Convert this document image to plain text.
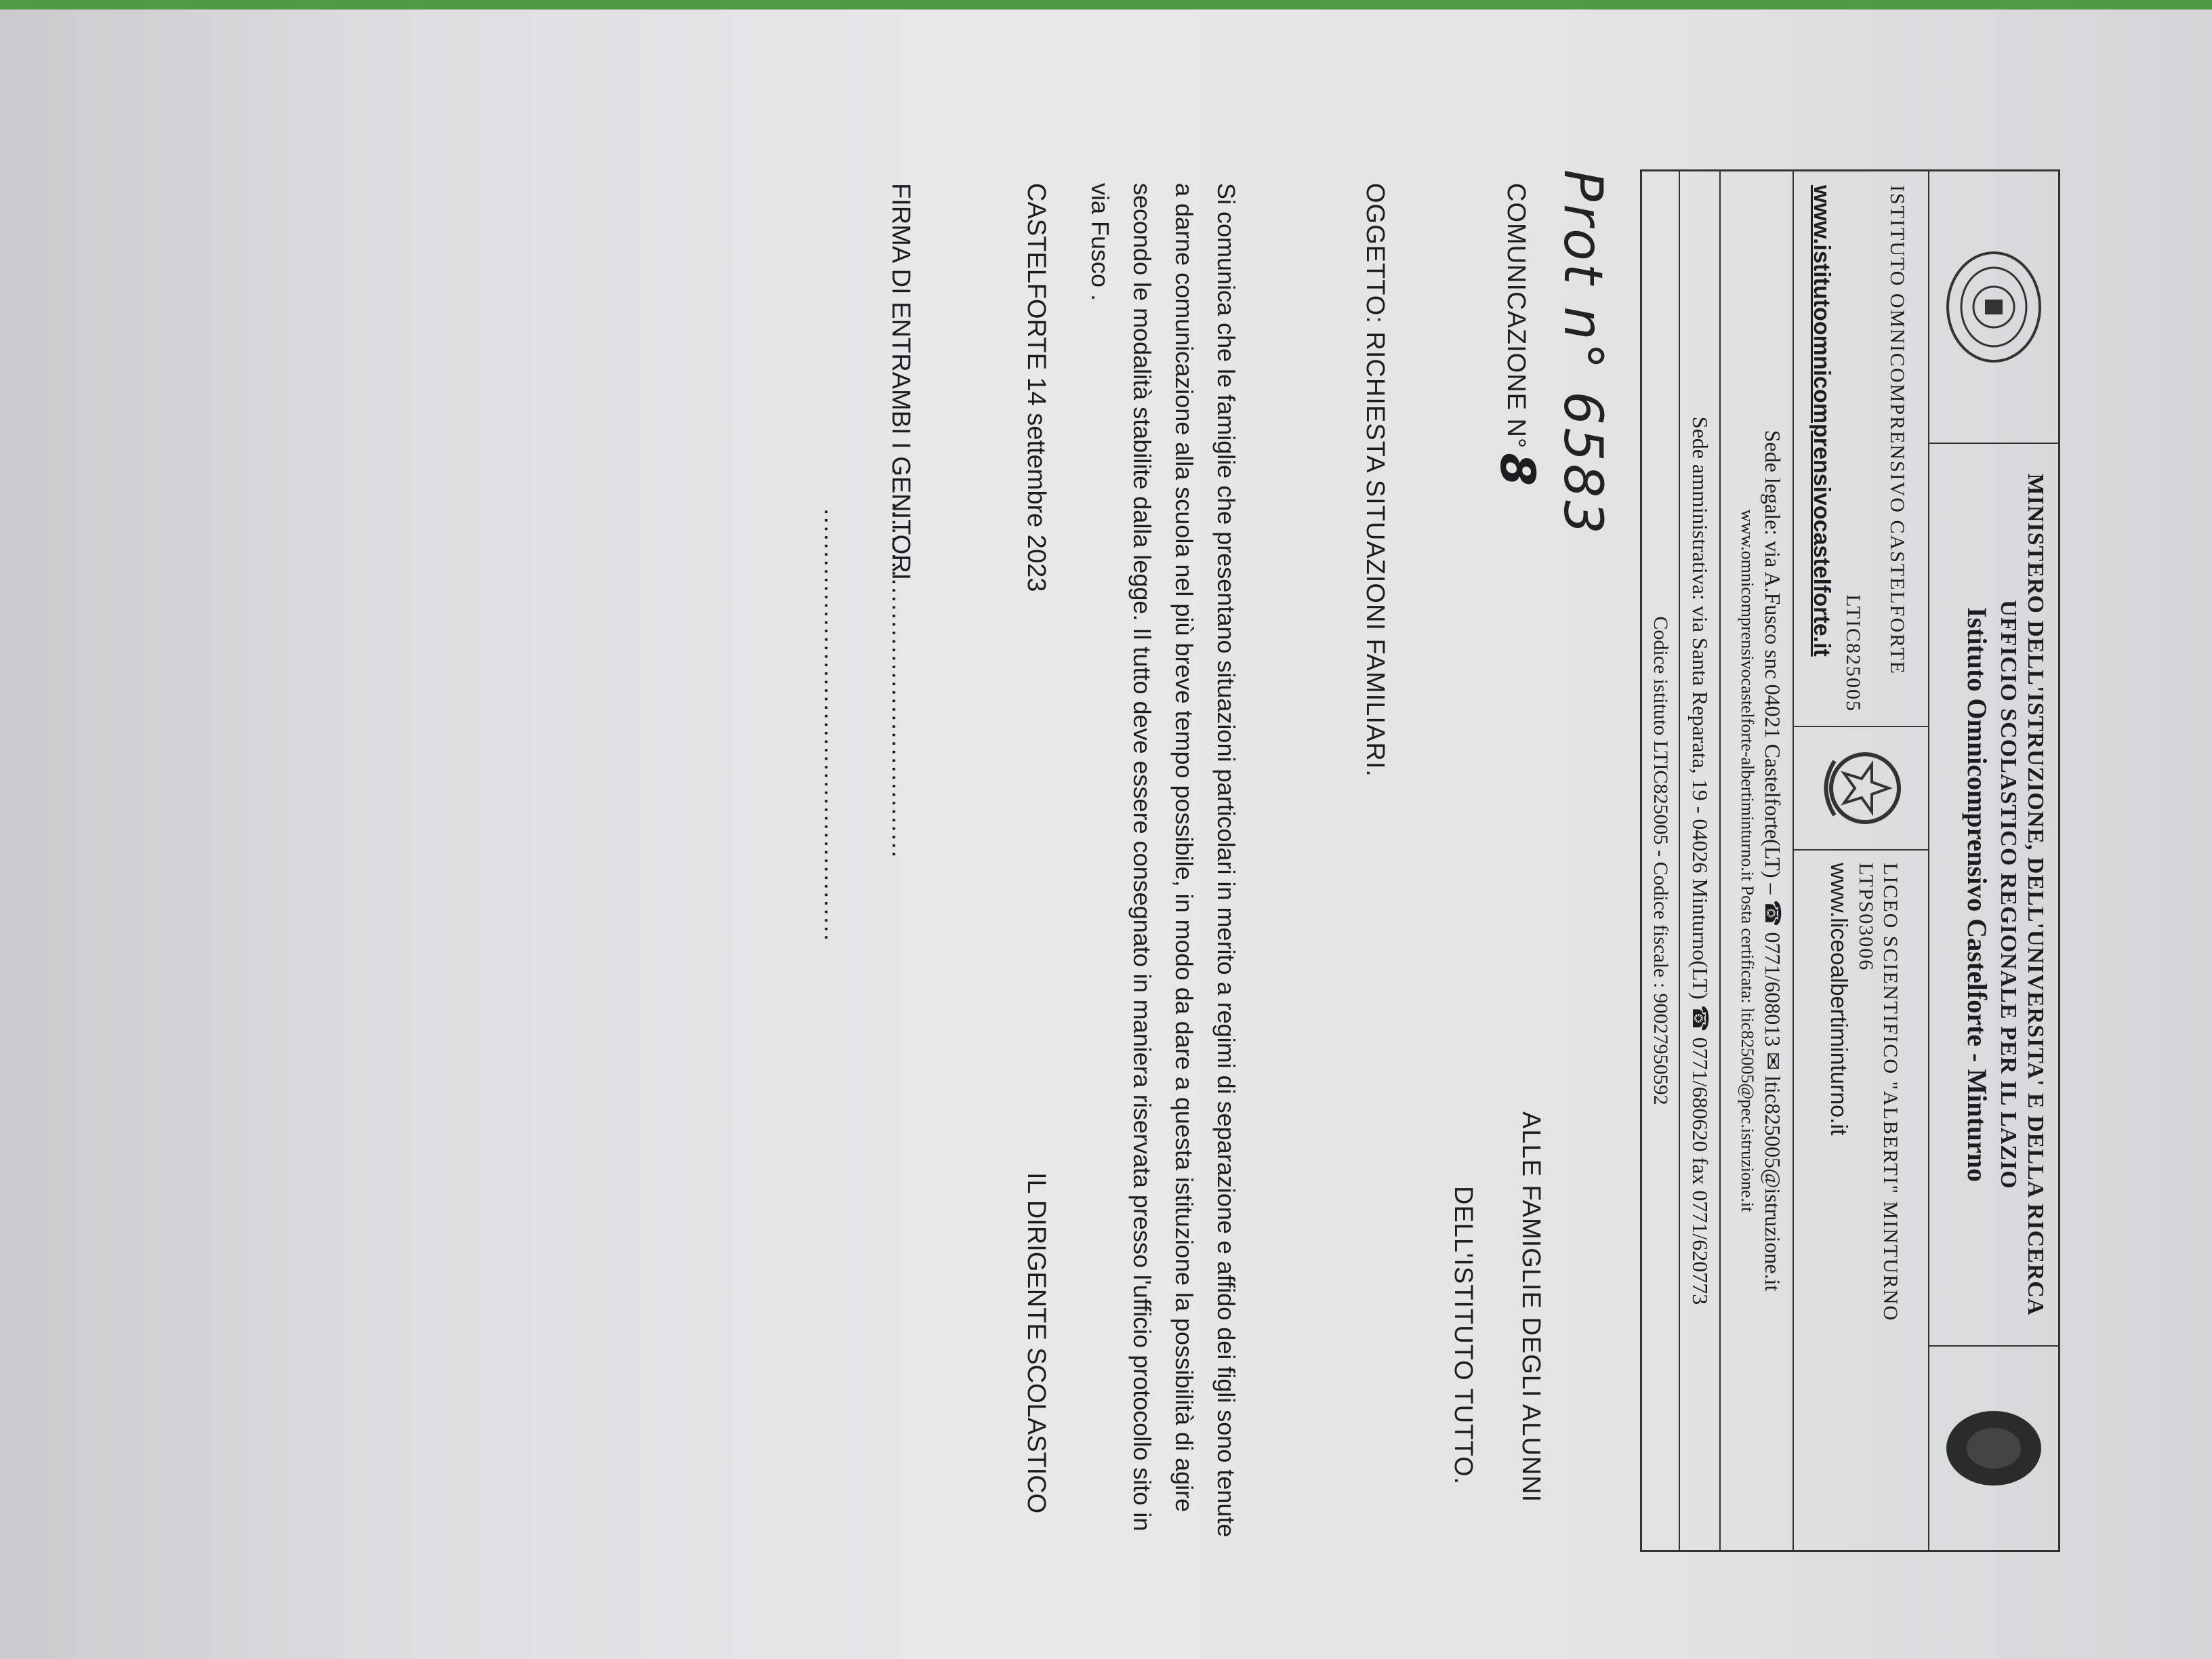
MINISTERO DELL'ISTRUZIONE, DELL'UNIVERSITA' E DELLA RICERCA
UFFICIO SCOLASTICO REGIONALE PER IL LAZIO
Istituto Omnicomprensivo Castelforte - Minturno
ISTITUTO OMNICOMPRENSIVO CASTELFORTE
LTIC825005
www.istitutoomnicomprensivocastelforte.it
LICEO SCIENTIFICO "ALBERTI" MINTURNO
LTPS03006
www.liceoalbertiminturno.it
Sede legale: via A.Fusco snc 04021 Castelforte(LT) – ☎ 0771/608013 ✉ ltic825005@istruzione.it
www.omnicomprensivocastelforte-albertiminturno.it Posta certificata: ltic825005@pec.istruzione.it
Sede amministrativa: via Santa Reparata, 19 - 04026 Minturno(LT) ☎ 0771/680620 fax 0771/620773
Codice istituto LTIC825005 - Codice fiscale : 90027950592
Prot n° 6583
COMUNICAZIONE N°8
ALLE FAMIGLIE DEGLI ALUNNI
DELL'ISTITUTO TUTTO.
OGGETTO: RICHIESTA SITUAZIONI FAMILIARI.
Si comunica che le famiglie che presentano situazioni particolari in merito a regimi di separazione e affido dei figli sono tenute a darne comunicazione alla scuola nel più breve tempo possibile, in modo da dare a questa istituzione la possibilità di agire secondo le modalità stabilite dalla legge. Il tutto deve essere consegnato in maniera riservata presso l'ufficio protocollo sito in via Fusco .
CASTELFORTE 14 settembre 2023
IL DIRIGENTE SCOLASTICO
FIRMA DI ENTRAMBI I GENITORI
..............................................
...................................................
